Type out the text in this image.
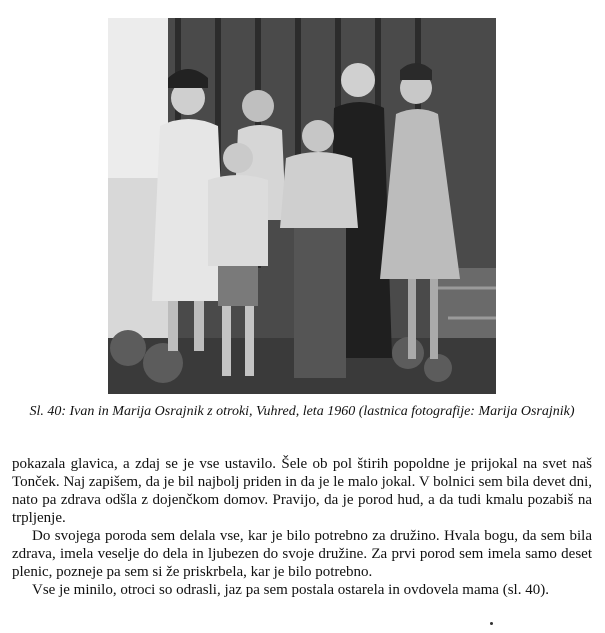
Sl. 40: Ivan in Marija Osrajnik z otroki, Vuhred, leta 1960 (lastnica fotografije: Marija Osrajnik)

pokazala glavica, a zdaj se je vse ustavilo. Šele ob pol štirih popoldne je prijokal na svet naš Tonček. Naj zapišem, da je bil najbolj priden in da je le malo jokal. V bolnici sem bila devet dni, nato pa zdrava odšla z dojenčkom domov. Pravijo, da je porod hud, a da tudi kmalu pozabiš na trpljenje.

Do svojega poroda sem delala vse, kar je bilo potrebno za družino. Hvala bogu, da sem bila zdrava, imela veselje do dela in ljubezen do svoje družine. Za prvi porod sem imela samo deset plenic, pozneje pa sem si že priskrbela, kar je bilo potrebno.

Vse je minilo, otroci so odrasli, jaz pa sem postala ostarela in ovdovela mama (sl. 40).
